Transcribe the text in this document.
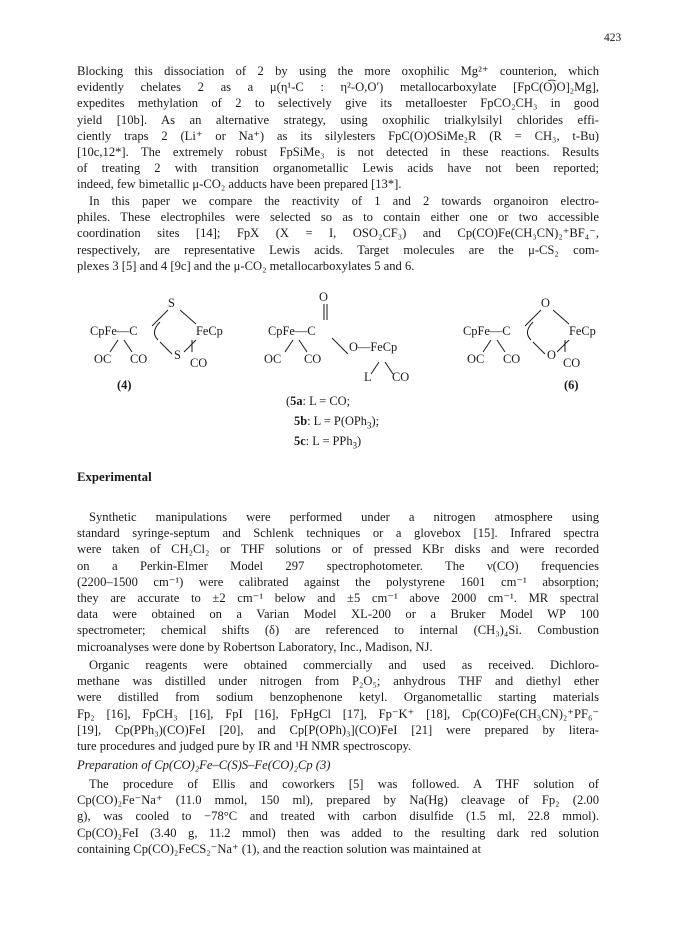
423
Blocking this dissociation of 2 by using the more oxophilic Mg²⁺ counterion, which
evidently chelates 2 as a μ(η¹-C : η²-O,O′) metallocarboxylate [FpC(O͡)O]₂Mg],
expedites methylation of 2 to selectively give its metalloester FpCO₂CH₃ in good
yield [10b]. As an alternative strategy, using oxophilic trialkylsilyl chlorides effi-
ciently traps 2 (Li⁺ or Na⁺) as its silylesters FpC(O)OSiMe₂R (R = CH₃, t-Bu)
[10c,12*]. The extremely robust FpSiMe₃ is not detected in these reactions. Results
of treating 2 with transition organometallic Lewis acids have not been reported;
indeed, few bimetallic μ-CO₂ adducts have been prepared [13*].
In this paper we compare the reactivity of 1 and 2 towards organoiron electro-
philes. These electrophiles were selected so as to contain either one or two accessible
coordination sites [14]; FpX (X = I, OSO₂CF₃) and Cp(CO)Fe(CH₃CN)₂⁺BF₄⁻,
respectively, are representative Lewis acids. Target molecules are the μ-CS₂ com-
plexes 3 [5] and 4 [9c] and the μ-CO₂ metallocarboxylates 5 and 6.
S
CpFe—C	FeCp
S
OC CO	CO
(4)
O
CpFe—C
O—FeCp
OC CO
L CO
(5a: L = CO;
5b: L = P(OPh$_3$);
5c: L = PPh$_3$)
O
CpFe—C	FeCp
O
OC CO	CO
(6)
Experimental
Synthetic manipulations were performed under a nitrogen atmosphere using
standard syringe-septum and Schlenk techniques or a glovebox [15]. Infrared spectra
were taken of CH₂Cl₂ or THF solutions or of pressed KBr disks and were recorded
on a Perkin-Elmer Model 297 spectrophotometer. The ν(CO) frequencies
(2200–1500 cm⁻¹) were calibrated against the polystyrene 1601 cm⁻¹ absorption;
they are accurate to ±2 cm⁻¹ below and ±5 cm⁻¹ above 2000 cm⁻¹. MR spectral
data were obtained on a Varian Model XL-200 or a Bruker Model WP 100
spectrometer; chemical shifts (δ) are referenced to internal (CH₃)₄Si. Combustion
microanalyses were done by Robertson Laboratory, Inc., Madison, NJ.
Organic reagents were obtained commercially and used as received. Dichloro-
methane was distilled under nitrogen from P₂O₅; anhydrous THF and diethyl ether
were distilled from sodium benzophenone ketyl. Organometallic starting materials
Fp₂ [16], FpCH₃ [16], FpI [16], FpHgCl [17], Fp⁻K⁺ [18], Cp(CO)Fe(CH₃CN)₂⁺PF₆⁻
[19], Cp(PPh₃)(CO)FeI [20], and Cp[P(OPh)₃](CO)FeI [21] were prepared by litera-
ture procedures and judged pure by IR and ¹H NMR spectroscopy.
Preparation of Cp(CO)₂Fe–C(S)S–Fe(CO)₂Cp (3)
The procedure of Ellis and coworkers [5] was followed. A THF solution of
Cp(CO)₂Fe⁻Na⁺ (11.0 mmol, 150 ml), prepared by Na(Hg) cleavage of Fp₂ (2.00
g), was cooled to −78°C and treated with carbon disulfide (1.5 ml, 22.8 mmol).
Cp(CO)₂FeI (3.40 g, 11.2 mmol) then was added to the resulting dark red solution
containing Cp(CO)₂FeCS₂⁻Na⁺ (1), and the reaction solution was maintained at
